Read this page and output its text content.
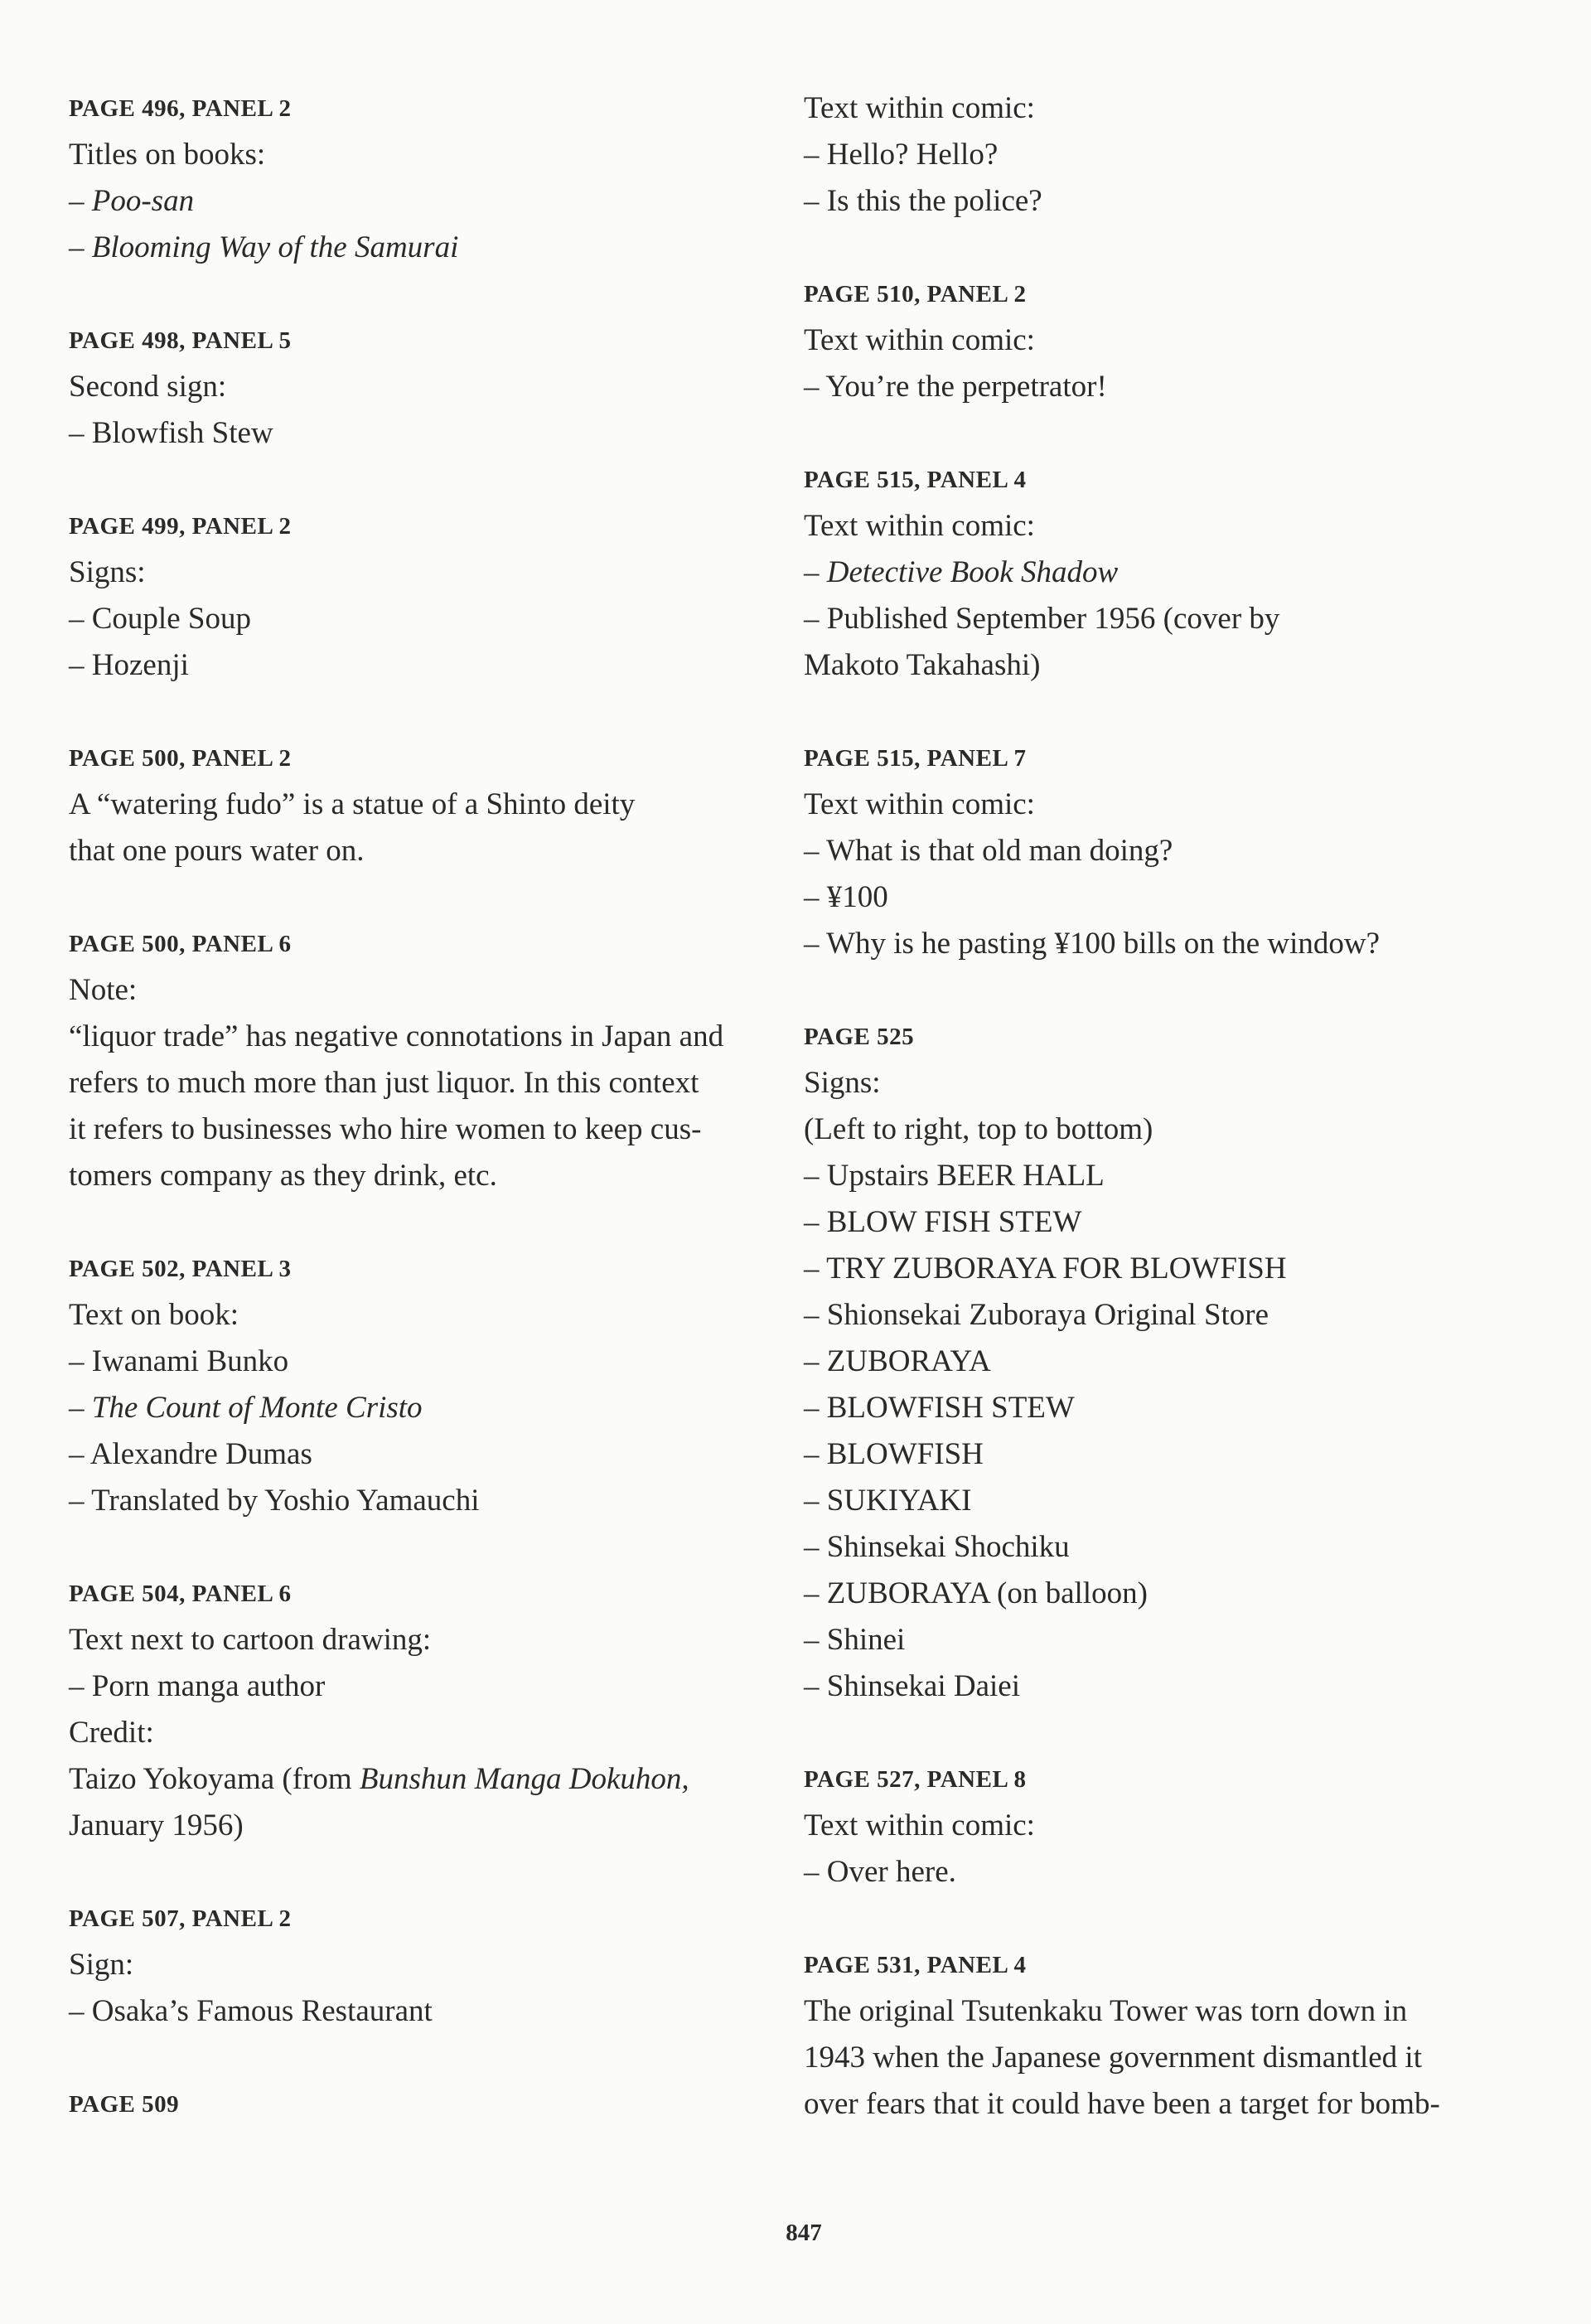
PAGE 496, PANEL 2
Titles on books:
– Poo-san
– Blooming Way of the Samurai
PAGE 498, PANEL 5
Second sign:
– Blowfish Stew
PAGE 499, PANEL 2
Signs:
– Couple Soup
– Hozenji
PAGE 500, PANEL 2
A “watering fudo” is a statue of a Shinto deity
that one pours water on.
PAGE 500, PANEL 6
Note:
“liquor trade” has negative connotations in Japan and
refers to much more than just liquor. In this context
it refers to businesses who hire women to keep cus-
tomers company as they drink, etc.
PAGE 502, PANEL 3
Text on book:
– Iwanami Bunko
– The Count of Monte Cristo
– Alexandre Dumas
– Translated by Yoshio Yamauchi
PAGE 504, PANEL 6
Text next to cartoon drawing:
– Porn manga author
Credit:
Taizo Yokoyama (from Bunshun Manga Dokuhon,
January 1956)
PAGE 507, PANEL 2
Sign:
– Osaka’s Famous Restaurant
PAGE 509
Text within comic:
– Hello? Hello?
– Is this the police?
PAGE 510, PANEL 2
Text within comic:
– You’re the perpetrator!
PAGE 515, PANEL 4
Text within comic:
– Detective Book Shadow
– Published September 1956 (cover by
Makoto Takahashi)
PAGE 515, PANEL 7
Text within comic:
– What is that old man doing?
– ¥100
– Why is he pasting ¥100 bills on the window?
PAGE 525
Signs:
(Left to right, top to bottom)
– Upstairs BEER HALL
– BLOW FISH STEW
– TRY ZUBORAYA FOR BLOWFISH
– Shionsekai Zuboraya Original Store
– ZUBORAYA
– BLOWFISH STEW
– BLOWFISH
– SUKIYAKI
– Shinsekai Shochiku
– ZUBORAYA (on balloon)
– Shinei
– Shinsekai Daiei
PAGE 527, PANEL 8
Text within comic:
– Over here.
PAGE 531, PANEL 4
The original Tsutenkaku Tower was torn down in
1943 when the Japanese government dismantled it
over fears that it could have been a target for bomb-
847
